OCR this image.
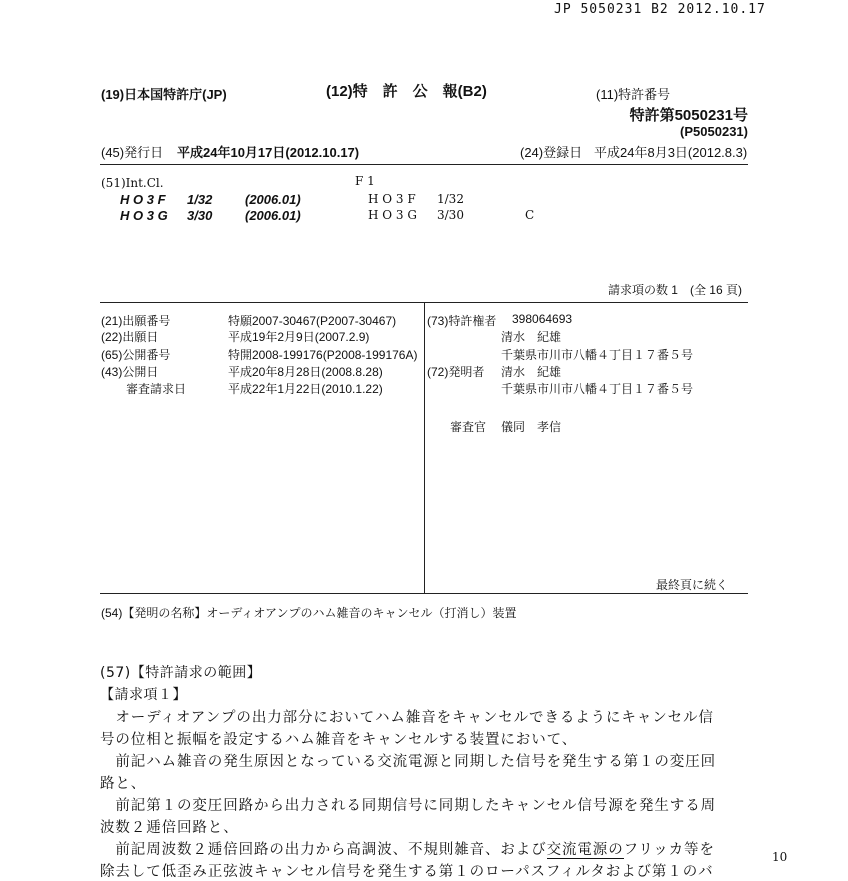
JP 5050231 B2 2012.10.17
(19)日本国特許庁(JP)	(12)特　許　公　報(B2)	(11)特許番号
特許第5050231号
(P5050231)
(45)発行日 平成24年10月17日(2012.10.17)	(24)登録日 平成24年8月3日(2012.8.3)
(51)Int.Cl.	F 1
H O 3 F 1/32	(2006.01)	H O 3 F 1/32
H O 3 G 3/30	(2006.01)	H O 3 G 3/30	C
請求項の数 1　(全 16 頁)
(21)出願番号	特願2007-30467(P2007-30467)
(22)出願日	平成19年2月9日(2007.2.9)
(65)公開番号	特開2008-199176(P2008-199176A)
(43)公開日	平成20年8月28日(2008.8.28)
審査請求日	平成22年1月22日(2010.1.22)
(73)特許権者 398064693
清水　紀雄
千葉県市川市八幡４丁目１７番５号
(72)発明者 清水　紀雄
千葉県市川市八幡４丁目１７番５号
審査官 儀同　孝信
最終頁に続く
(54)【発明の名称】オーディオアンプのハム雑音のキャンセル（打消し）装置
(57)【特許請求の範囲】
【請求項１】
　オーディオアンプの出力部分においてハム雑音をキャンセルできるようにキャンセル信
号の位相と振幅を設定するハム雑音をキャンセルする装置において、
　前記ハム雑音の発生原因となっている交流電源と同期した信号を発生する第１の変圧回
路と、
　前記第１の変圧回路から出力される同期信号に同期したキャンセル信号源を発生する周
波数２逓倍回路と、
　前記周波数２逓倍回路の出力から高調波、不規則雑音、および交流電源のフリッカ等を
除去して低歪み正弦波キャンセル信号を発生する第１のローパスフィルタおよび第１のバ
10
